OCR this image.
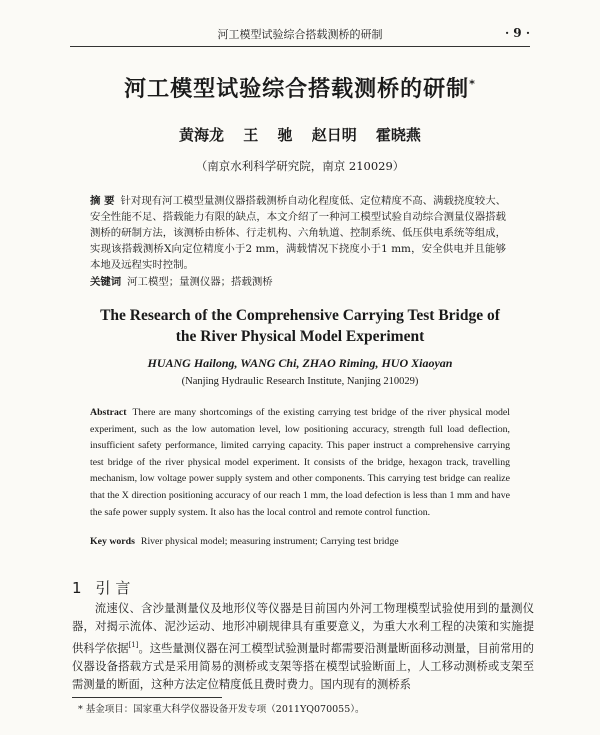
河工模型试验综合搭载测桥的研制	· 9 ·
河工模型试验综合搭载测桥的研制*
黄海龙 王 驰 赵日明 霍晓燕
（南京水利科学研究院，南京 210029）
摘 要 针对现有河工模型量测仪器搭载测桥自动化程度低、定位精度不高、满载挠度较大、安全性能不足、搭载能力有限的缺点，本文介绍了一种河工模型试验自动综合测量仪器搭载测桥的研制方法，该测桥由桥体、行走机构、六角轨道、控制系统、低压供电系统等组成，实现该搭载测桥X向定位精度小于2 mm，满载情况下挠度小于1 mm，安全供电并且能够本地及远程实时控制。
关键词 河工模型；量测仪器；搭载测桥
The Research of the Comprehensive Carrying Test Bridge of
the River Physical Model Experiment
HUANG Hailong, WANG Chi, ZHAO Riming, HUO Xiaoyan
(Nanjing Hydraulic Research Institute, Nanjing 210029)
Abstract There are many shortcomings of the existing carrying test bridge of the river physical model experiment, such as the low automation level, low positioning accuracy, strength full load deflection, insufficient safety performance, limited carrying capacity. This paper instruct a comprehensive carrying test bridge of the river physical model experiment. It consists of the bridge, hexagon track, travelling mechanism, low voltage power supply system and other components. This carrying test bridge can realize that the X direction positioning accuracy of our reach 1 mm, the load defection is less than 1 mm and have the safe power supply system. It also has the local control and remote control function.
Key words River physical model; measuring instrument; Carrying test bridge
1 引 言
  流速仪、含沙量测量仪及地形仪等仪器是目前国内外河工物理模型试验使用到的量测仪器，对揭示流体、泥沙运动、地形冲刷规律具有重要意义，为重大水利工程的决策和实施提供科学依据[1]。这些量测仪器在河工模型试验测量时都需要沿测量断面移动测量，目前常用的仪器设备搭载方式是采用简易的测桥或支架等搭在模型试验断面上，人工移动测桥或支架至需测量的断面，这种方法定位精度低且费时费力。国内现有的测桥系
* 基金项目：国家重大科学仪器设备开发专项（2011YQ070055）。
